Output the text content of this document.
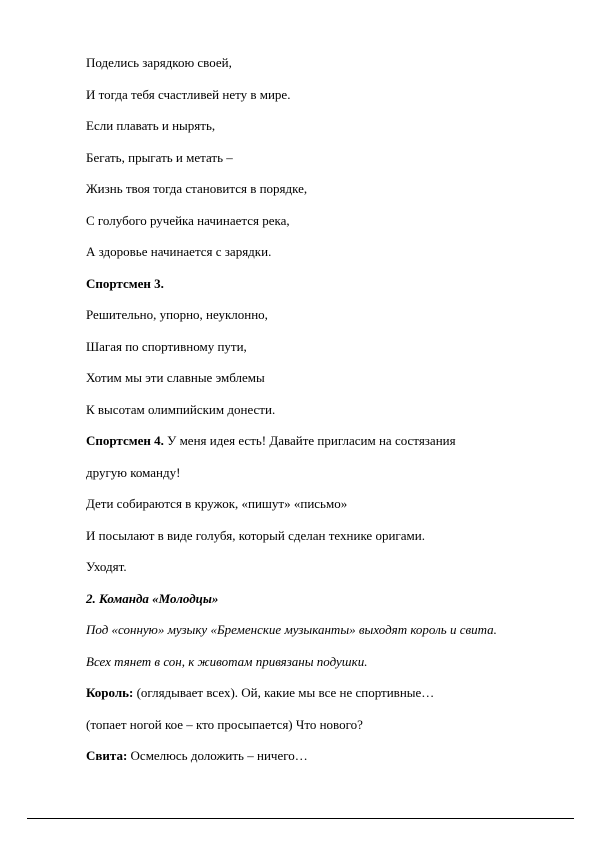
Поделись зарядкою своей,
И тогда тебя счастливей нету в мире.
Если плавать и нырять,
Бегать, прыгать и метать –
Жизнь твоя тогда становится в порядке,
С голубого ручейка начинается река,
А здоровье начинается с зарядки.
Спортсмен 3.
Решительно, упорно, неуклонно,
Шагая по спортивному пути,
Хотим мы эти славные эмблемы
К высотам олимпийским донести.
Спортсмен 4. У меня идея есть! Давайте пригласим на состязания
другую команду!
Дети собираются в кружок, «пишут» «письмо»
И посылают в виде голубя, который сделан технике оригами.
Уходят.
2. Команда «Молодцы»
Под «сонную» музыку «Бременские музыканты» выходят король и свита.
Всех тянет в сон, к животам привязаны подушки.
Король: (оглядывает всех). Ой, какие мы все не спортивные…
(топает ногой кое – кто просыпается) Что нового?
Свита: Осмелюсь доложить – ничего…
